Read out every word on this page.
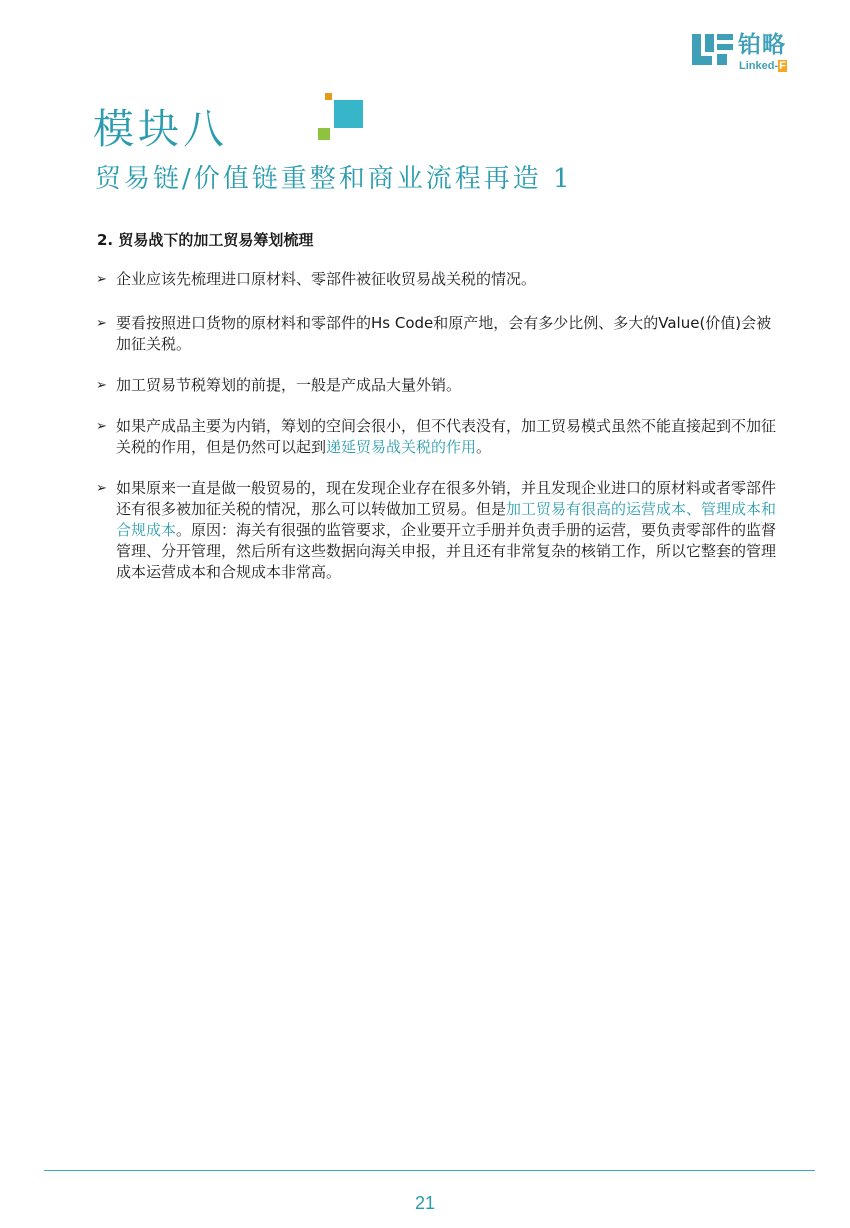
铂略
Linked-F
模块八
贸易链/价值链重整和商业流程再造 1
2. 贸易战下的加工贸易筹划梳理
➢ 企业应该先梳理进口原材料、零部件被征收贸易战关税的情况。
➢ 要看按照进口货物的原材料和零部件的Hs Code和原产地，会有多少比例、多大的Value(价值)会被加征关税。
➢ 加工贸易节税筹划的前提，一般是产成品大量外销。
➢ 如果产成品主要为内销，筹划的空间会很小，但不代表没有，加工贸易模式虽然不能直接起到不加征关税的作用，但是仍然可以起到递延贸易战关税的作用。
➢ 如果原来一直是做一般贸易的，现在发现企业存在很多外销，并且发现企业进口的原材料或者零部件还有很多被加征关税的情况，那么可以转做加工贸易。但是加工贸易有很高的运营成本、管理成本和合规成本。原因：海关有很强的监管要求，企业要开立手册并负责手册的运营，要负责零部件的监督管理、分开管理，然后所有这些数据向海关申报，并且还有非常复杂的核销工作，所以它整套的管理成本运营成本和合规成本非常高。
21
